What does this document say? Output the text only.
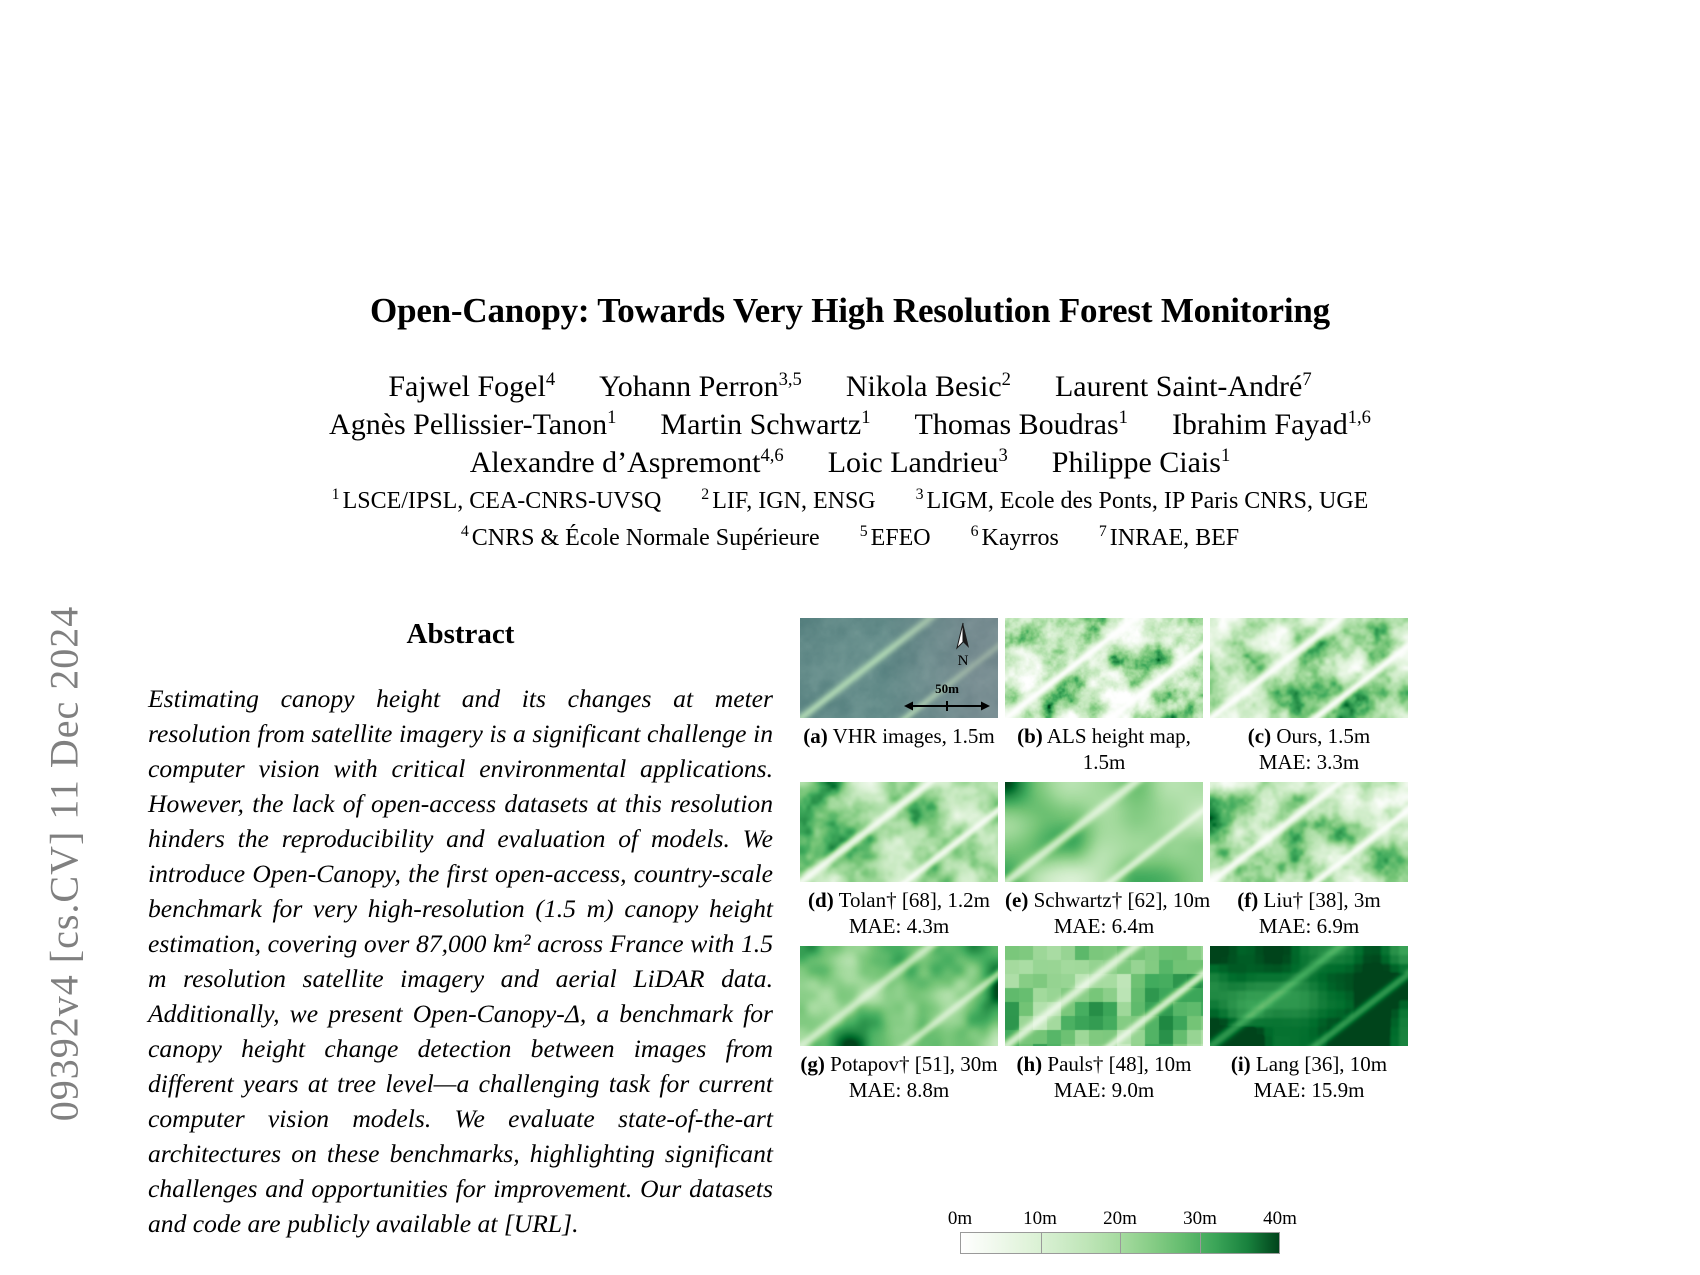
09392v4 [cs.CV] 11 Dec 2024
Open-Canopy: Towards Very High Resolution Forest Monitoring
Fajwel Fogel$^4$ Yohann Perron$^{3,5}$ Nikola Besic$^2$ Laurent Saint-André$^7$
Agnès Pellissier-Tanon$^1$ Martin Schwartz$^1$ Thomas Boudras$^1$ Ibrahim Fayad$^{1,6}$
Alexandre d’Aspremont$^{4,6}$ Loic Landrieu$^3$ Philippe Ciais$^1$
$^1$ LSCE/IPSL, CEA-CNRS-UVSQ	$^2$ LIF, IGN, ENSG	$^3$ LIGM, Ecole des Ponts, IP Paris CNRS, UGE
$^4$ CNRS & École Normale Supérieure	$^5$ EFEO	$^6$ Kayrros	$^7$ INRAE, BEF
Abstract
Estimating canopy height and its changes at meter resolution from satellite imagery is a significant challenge in computer vision with critical environmental applications. However, the lack of open-access datasets at this resolution hinders the reproducibility and evaluation of models. We introduce Open-Canopy, the first open-access, country-scale benchmark for very high-resolution (1.5 m) canopy height estimation, covering over 87,000 km² across France with 1.5 m resolution satellite imagery and aerial LiDAR data. Additionally, we present Open-Canopy-Δ, a benchmark for canopy height change detection between images from different years at tree level—a challenging task for current computer vision models. We evaluate state-of-the-art architectures on these benchmarks, highlighting significant challenges and opportunities for improvement. Our datasets and code are publicly available at [URL].
N
50m
(a) VHR images, 1.5m	(b) ALS height map,
1.5m
(c) Ours, 1.5m
MAE: 3.3m
(d) Tolan† [68], 1.2m
MAE: 4.3m
(e) Schwartz† [62], 10m
MAE: 6.4m
(f) Liu† [38], 3m
MAE: 6.9m
(g) Potapov† [51], 30m
MAE: 8.8m
(h) Pauls† [48], 10m
MAE: 9.0m
(i) Lang [36], 10m
MAE: 15.9m
0m	10m 20m 30m 40m
